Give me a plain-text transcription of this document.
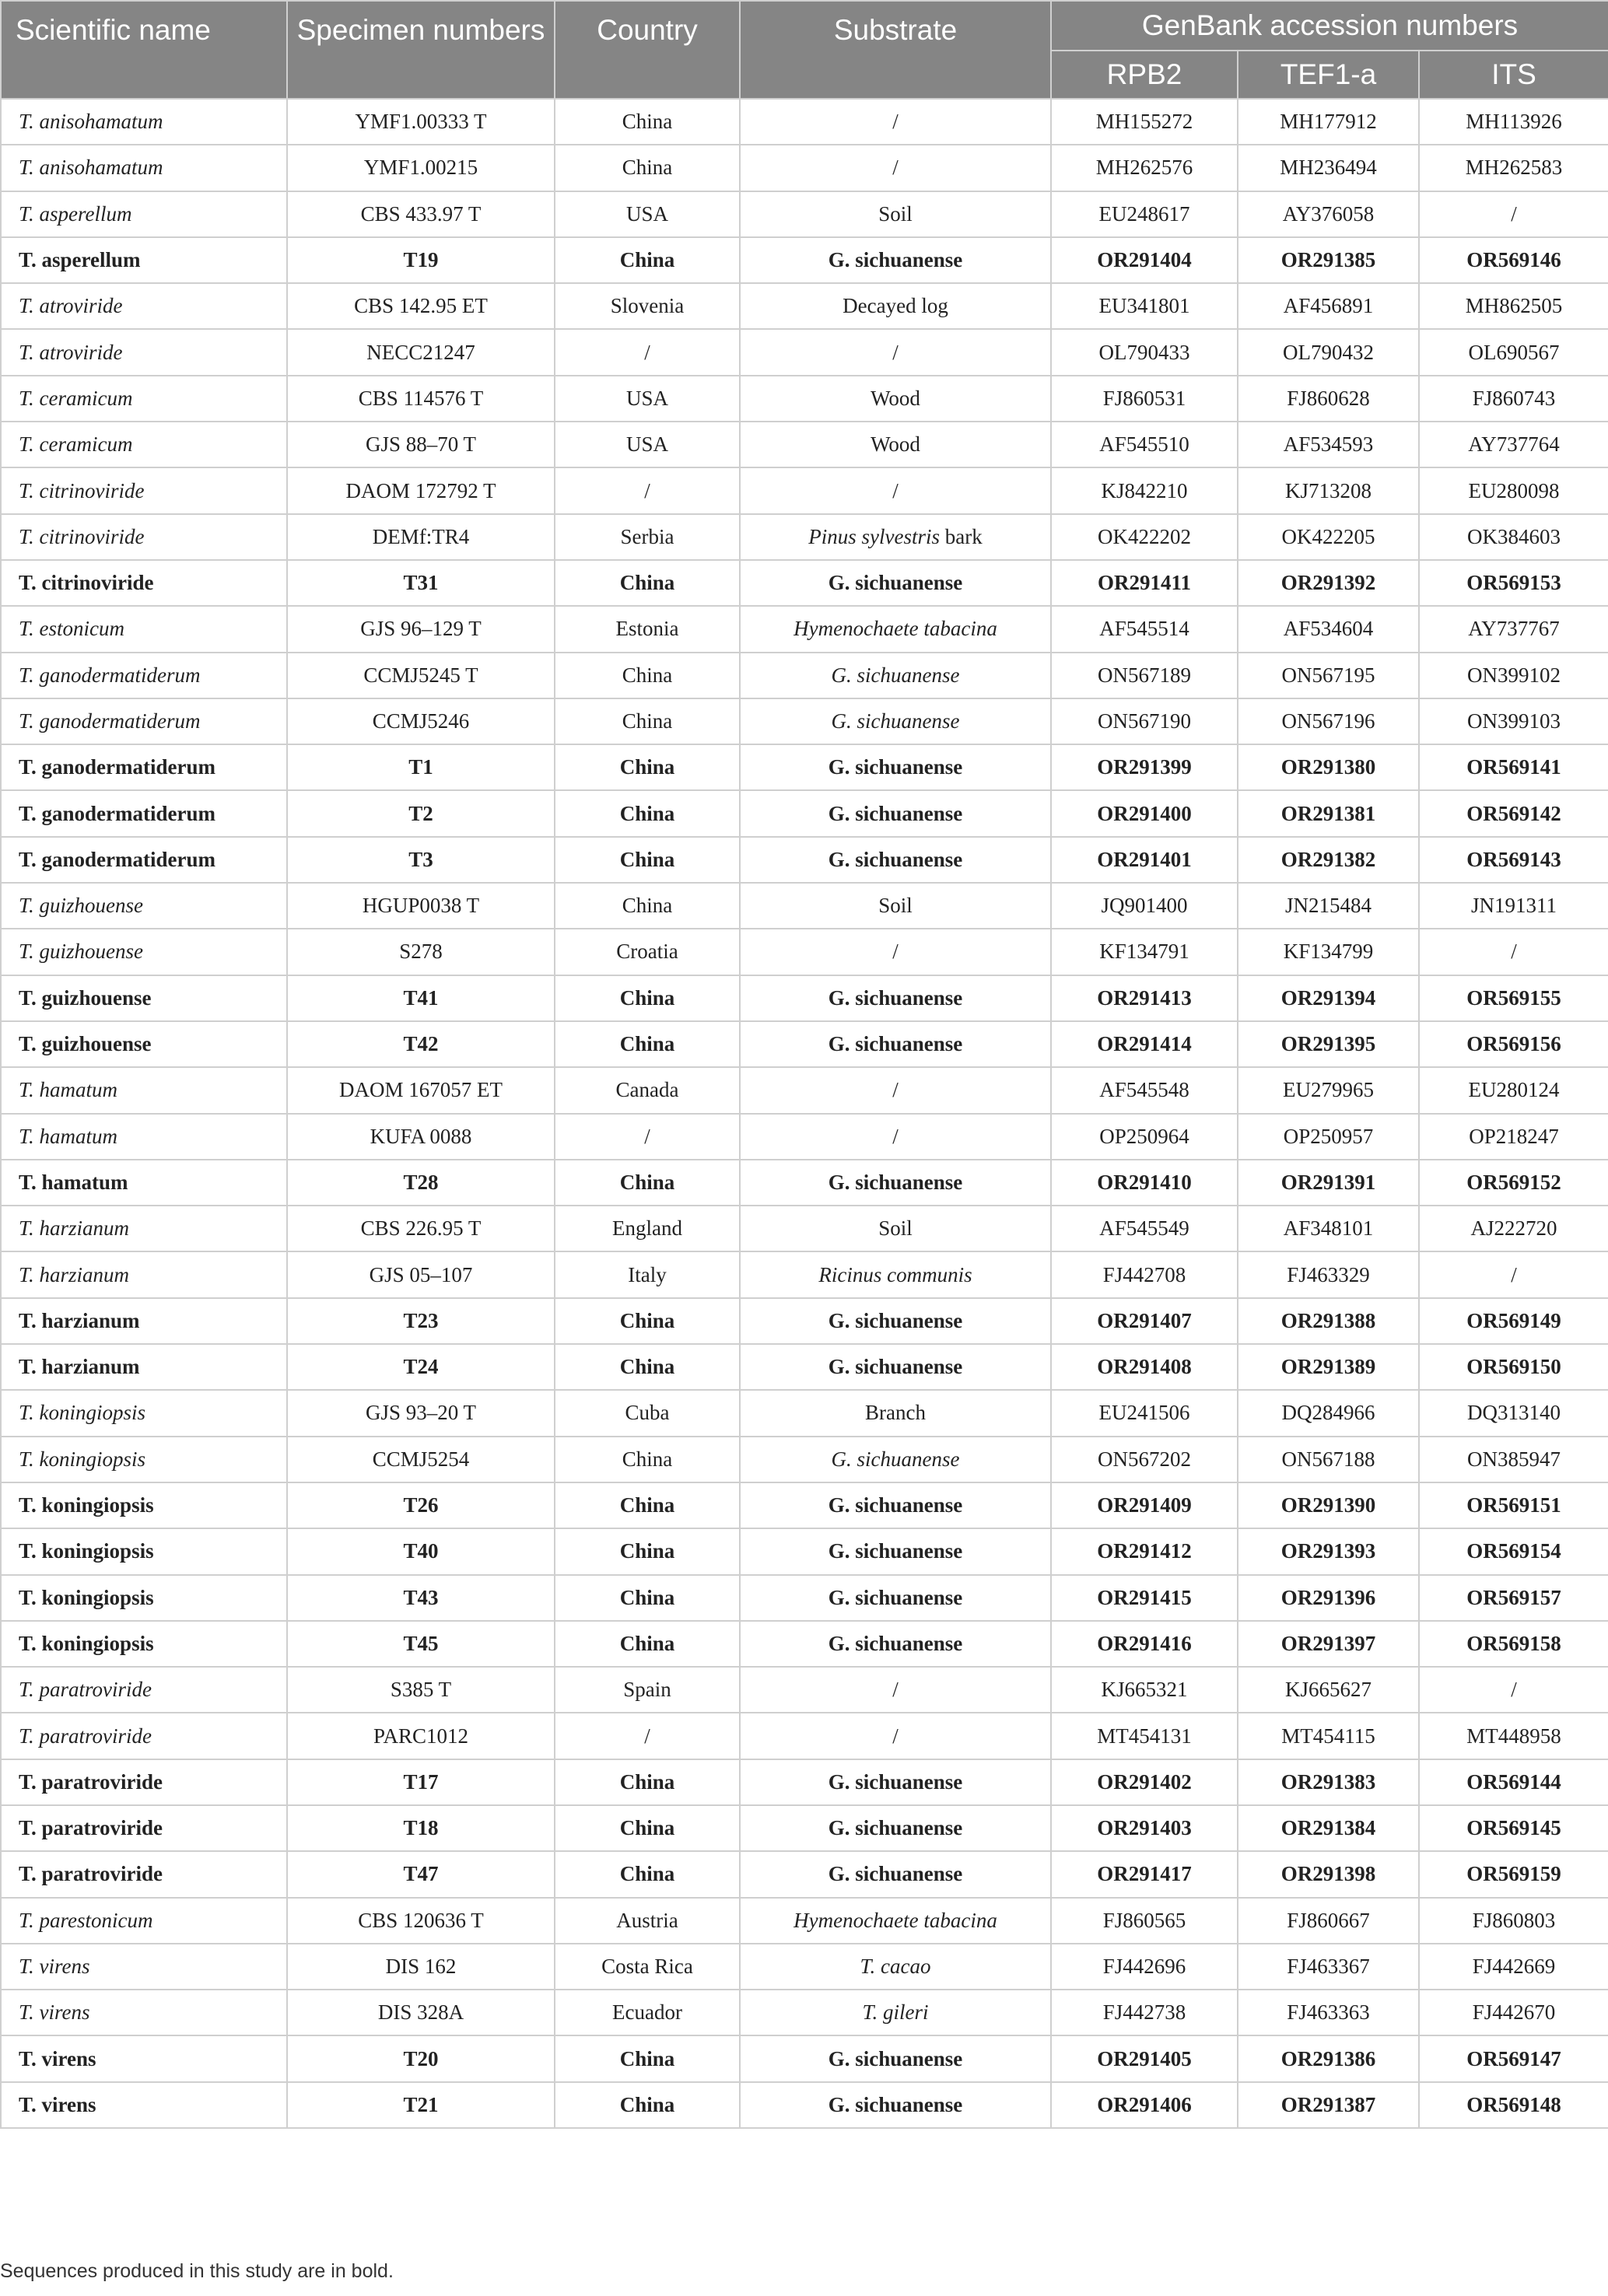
Scientific name	Specimen numbers	Country	Substrate	GenBank accession numbers		
				RPB2	TEF1-a	ITS
T. anisohamatum	YMF1.00333 T	China	/	MH155272	MH177912	MH113926
T. anisohamatum	YMF1.00215	China	/	MH262576	MH236494	MH262583
T. asperellum	CBS 433.97 T	USA	Soil	EU248617	AY376058	/
T. asperellum	T19	China	G. sichuanense	OR291404	OR291385	OR569146
T. atroviride	CBS 142.95 ET	Slovenia	Decayed log	EU341801	AF456891	MH862505
T. atroviride	NECC21247	/	/	OL790433	OL790432	OL690567
T. ceramicum	CBS 114576 T	USA	Wood	FJ860531	FJ860628	FJ860743
T. ceramicum	GJS 88–70 T	USA	Wood	AF545510	AF534593	AY737764
T. citrinoviride	DAOM 172792 T	/	/	KJ842210	KJ713208	EU280098
T. citrinoviride	DEMf:TR4	Serbia	Pinus sylvestris bark	OK422202	OK422205	OK384603
T. citrinoviride	T31	China	G. sichuanense	OR291411	OR291392	OR569153
T. estonicum	GJS 96–129 T	Estonia	Hymenochaete tabacina	AF545514	AF534604	AY737767
T. ganodermatiderum	CCMJ5245 T	China	G. sichuanense	ON567189	ON567195	ON399102
T. ganodermatiderum	CCMJ5246	China	G. sichuanense	ON567190	ON567196	ON399103
T. ganodermatiderum	T1	China	G. sichuanense	OR291399	OR291380	OR569141
T. ganodermatiderum	T2	China	G. sichuanense	OR291400	OR291381	OR569142
T. ganodermatiderum	T3	China	G. sichuanense	OR291401	OR291382	OR569143
T. guizhouense	HGUP0038 T	China	Soil	JQ901400	JN215484	JN191311
T. guizhouense	S278	Croatia	/	KF134791	KF134799	/
T. guizhouense	T41	China	G. sichuanense	OR291413	OR291394	OR569155
T. guizhouense	T42	China	G. sichuanense	OR291414	OR291395	OR569156
T. hamatum	DAOM 167057 ET	Canada	/	AF545548	EU279965	EU280124
T. hamatum	KUFA 0088	/	/	OP250964	OP250957	OP218247
T. hamatum	T28	China	G. sichuanense	OR291410	OR291391	OR569152
T. harzianum	CBS 226.95 T	England	Soil	AF545549	AF348101	AJ222720
T. harzianum	GJS 05–107	Italy	Ricinus communis	FJ442708	FJ463329	/
T. harzianum	T23	China	G. sichuanense	OR291407	OR291388	OR569149
T. harzianum	T24	China	G. sichuanense	OR291408	OR291389	OR569150
T. koningiopsis	GJS 93–20 T	Cuba	Branch	EU241506	DQ284966	DQ313140
T. koningiopsis	CCMJ5254	China	G. sichuanense	ON567202	ON567188	ON385947
T. koningiopsis	T26	China	G. sichuanense	OR291409	OR291390	OR569151
T. koningiopsis	T40	China	G. sichuanense	OR291412	OR291393	OR569154
T. koningiopsis	T43	China	G. sichuanense	OR291415	OR291396	OR569157
T. koningiopsis	T45	China	G. sichuanense	OR291416	OR291397	OR569158
T. paratroviride	S385 T	Spain	/	KJ665321	KJ665627	/
T. paratroviride	PARC1012	/	/	MT454131	MT454115	MT448958
T. paratroviride	T17	China	G. sichuanense	OR291402	OR291383	OR569144
T. paratroviride	T18	China	G. sichuanense	OR291403	OR291384	OR569145
T. paratroviride	T47	China	G. sichuanense	OR291417	OR291398	OR569159
T. parestonicum	CBS 120636 T	Austria	Hymenochaete tabacina	FJ860565	FJ860667	FJ860803
T. virens	DIS 162	Costa Rica	T. cacao	FJ442696	FJ463367	FJ442669
T. virens	DIS 328A	Ecuador	T. gileri	FJ442738	FJ463363	FJ442670
T. virens	T20	China	G. sichuanense	OR291405	OR291386	OR569147
T. virens	T21	China	G. sichuanense	OR291406	OR291387	OR569148
Sequences produced in this study are in bold.
